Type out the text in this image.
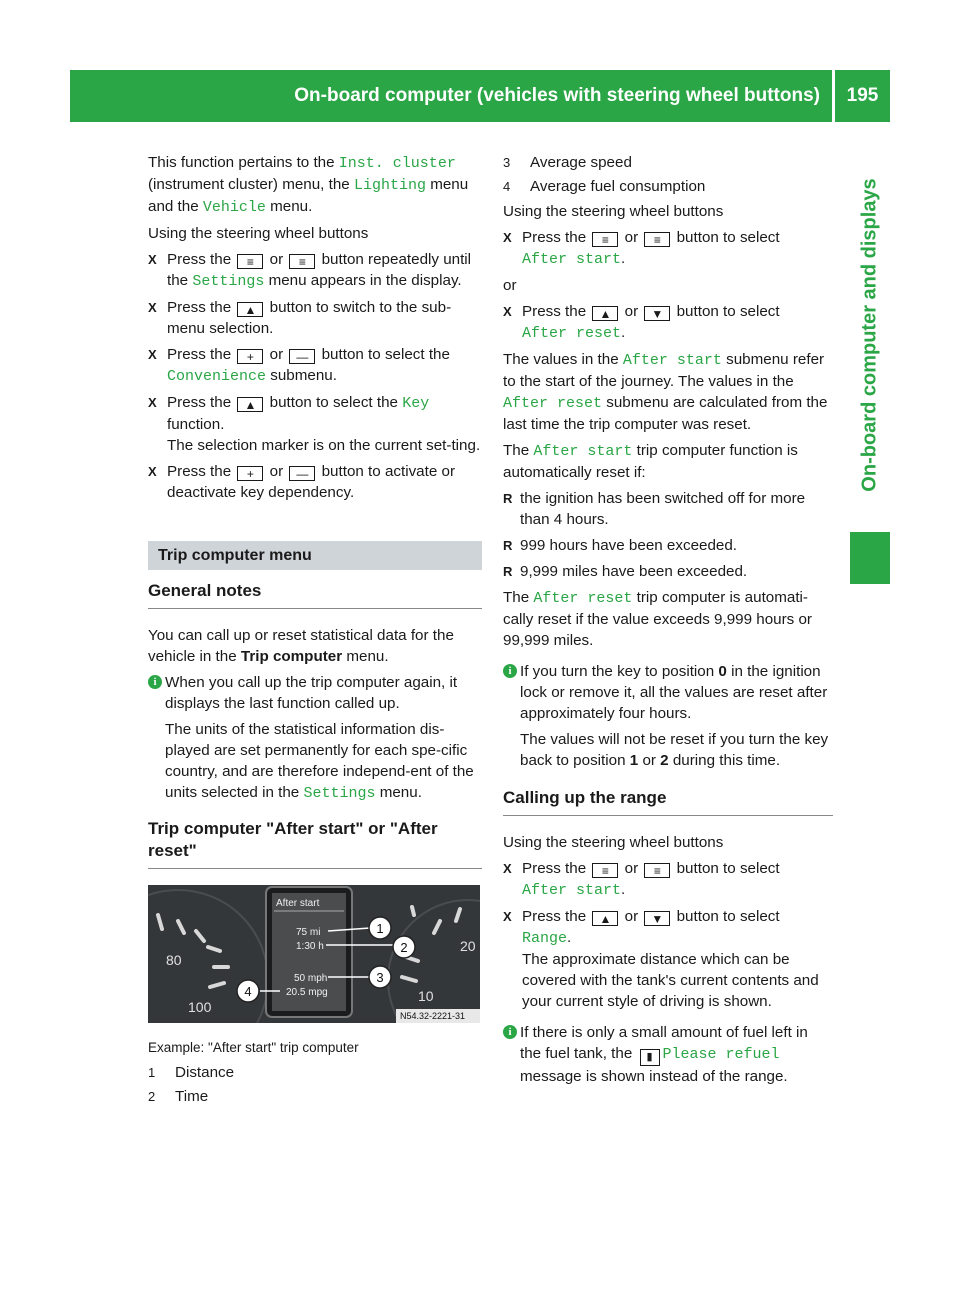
On-board computer (vehicles with steering wheel buttons)	195
On-board computer and displays

This function pertains to the Inst. cluster (instrument cluster) menu, the Lighting menu and the Vehicle menu.

Using the steering wheel buttons

X Press the ≡ or ≡ button repeatedly until the Settings menu appears in the display.
X Press the ▲ button to switch to the sub-menu selection.
X Press the + or — button to select the Convenience submenu.
X Press the ▲ button to select the Key function.
The selection marker is on the current set-ting.
X Press the + or — button to activate or deactivate key dependency.
Trip computer menu
General notes

You can call up or reset statistical data for the vehicle in the Trip computer menu.

i When you call up the trip computer again, it displays the last function called up.

The units of the statistical information dis-played are set permanently for each spe-cific country, and are therefore independ-ent of the units selected in the Settings menu.

Trip computer "After start" or "After reset"
80
100
10
20
After start
75 mi
1:30 h
50 mph
20.5 mpg
1
2
3
4
N54.32-2221-31
Example: "After start" trip computer
1 Distance
2 Time
3 Average speed
4 Average fuel consumption

Using the steering wheel buttons

X Press the ≡ or ≡ button to select
After start.

or

X Press the ▲ or ▼ button to select
After reset.

The values in the After start submenu refer to the start of the journey. The values in the After reset submenu are calculated from the last time the trip computer was reset.

The After start trip computer function is automatically reset if:

R the ignition has been switched off for more than 4 hours.
R 999 hours have been exceeded.
R 9,999 miles have been exceeded.

The After reset trip computer is automati-cally reset if the value exceeds 9,999 hours or 99,999 miles.

i If you turn the key to position 0 in the ignition lock or remove it, all the values are reset after approximately four hours.

The values will not be reset if you turn the key back to position 1 or 2 during this time.

Calling up the range

Using the steering wheel buttons

X Press the ≡ or ≡ button to select
After start.
X Press the ▲ or ▼ button to select
Range.
The approximate distance which can be covered with the tank's current contents and your current style of driving is shown.
i If there is only a small amount of fuel left in the fuel tank, the ▮ Please refuel
message is shown instead of the range.
